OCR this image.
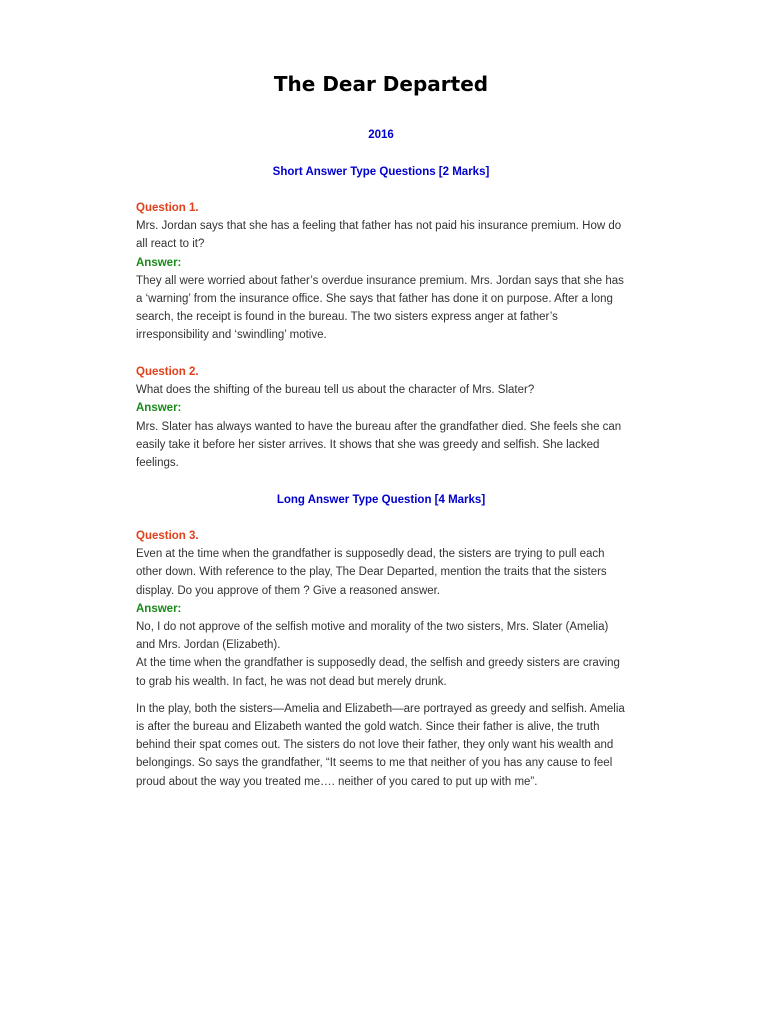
The Dear Departed
2016
Short Answer Type Questions [2 Marks]
Question 1.
Mrs. Jordan says that she has a feeling that father has not paid his insurance premium. How do all react to it?
Answer:
They all were worried about father’s overdue insurance premium. Mrs. Jordan says that she has a ‘warning’ from the insurance office. She says that father has done it on purpose. After a long search, the receipt is found in the bureau. The two sisters express anger at father’s irresponsibility and ‘swindling’ motive.
Question 2.
What does the shifting of the bureau tell us about the character of Mrs. Slater?
Answer:
Mrs. Slater has always wanted to have the bureau after the grandfather died. She feels she can easily take it before her sister arrives. It shows that she was greedy and selfish. She lacked feelings.
Long Answer Type Question [4 Marks]
Question 3.
Even at the time when the grandfather is supposedly dead, the sisters are trying to pull each other down. With reference to the play, The Dear Departed, mention the traits that the sisters display. Do you approve of them ? Give a reasoned answer.
Answer:
No, I do not approve of the selfish motive and morality of the two sisters, Mrs. Slater (Amelia) and Mrs. Jordan (Elizabeth).
At the time when the grandfather is supposedly dead, the selfish and greedy sisters are craving to grab his wealth. In fact, he was not dead but merely drunk.
In the play, both the sisters—Amelia and Elizabeth—are portrayed as greedy and selfish. Amelia is after the bureau and Elizabeth wanted the gold watch. Since their father is alive, the truth behind their spat comes out. The sisters do not love their father, they only want his wealth and belongings. So says the grandfather, “It seems to me that neither of you has any cause to feel proud about the way you treated me…. neither of you cared to put up with me”.
